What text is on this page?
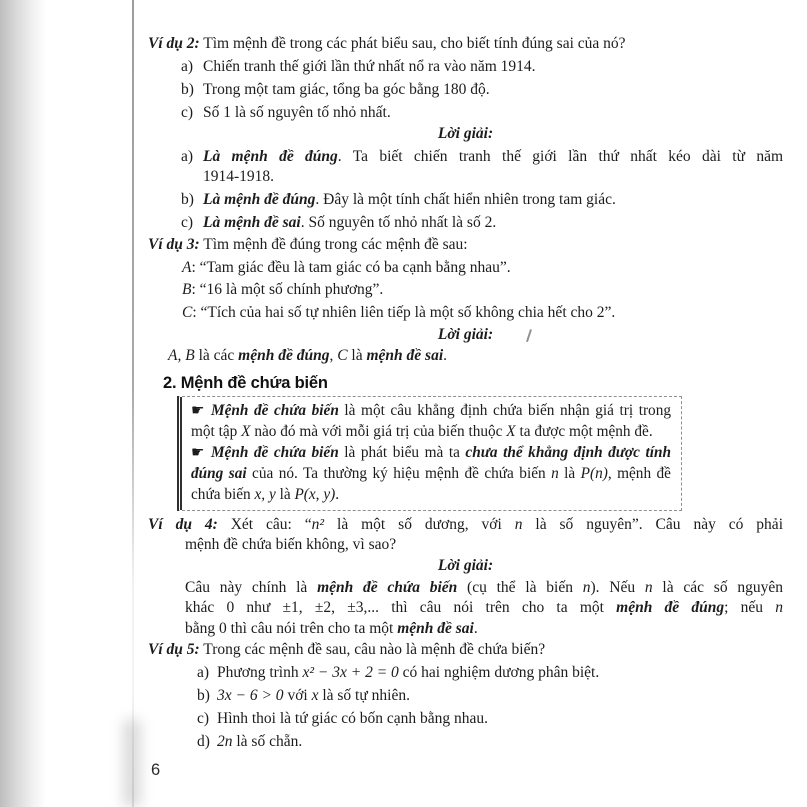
Ví dụ 2: Tìm mệnh đề trong các phát biểu sau, cho biết tính đúng sai của nó?

a) Chiến tranh thế giới lần thứ nhất nổ ra vào năm 1914.
b) Trong một tam giác, tổng ba góc bằng 180 độ.
c) Số 1 là số nguyên tố nhỏ nhất.

Lời giải:

a) Là mệnh đề đúng. Ta biết chiến tranh thế giới lần thứ nhất kéo dài từ năm
1914-1918.
b) Là mệnh đề đúng. Đây là một tính chất hiển nhiên trong tam giác.
c) Là mệnh đề sai. Số nguyên tố nhỏ nhất là số 2.

Ví dụ 3: Tìm mệnh đề đúng trong các mệnh đề sau:

A: “Tam giác đều là tam giác có ba cạnh bằng nhau”.
B: “16 là một số chính phương”.
C: “Tích của hai số tự nhiên liên tiếp là một số không chia hết cho 2”.

Lời giải:

A, B là các mệnh đề đúng, C là mệnh đề sai.

2. Mệnh đề chứa biến

☛ Mệnh đề chứa biến là một câu khẳng định chứa biến nhận giá trị trong
một tập X nào đó mà với mỗi giá trị của biến thuộc X ta được một mệnh đề.

☛ Mệnh đề chứa biến là phát biểu mà ta chưa thể khẳng định được tính
đúng sai của nó. Ta thường ký hiệu mệnh đề chứa biến n là P(n), mệnh đề
chứa biến x, y là P(x, y).

Ví dụ 4: Xét câu: “n² là một số dương, với n là số nguyên”. Câu này có phải

mệnh đề chứa biến không, vì sao?

Lời giải:

Câu này chính là mệnh đề chứa biến (cụ thể là biến n). Nếu n là các số nguyên
khác 0 như ±1, ±2, ±3,... thì câu nói trên cho ta một mệnh đề đúng; nếu n
bằng 0 thì câu nói trên cho ta một mệnh đề sai.

Ví dụ 5: Trong các mệnh đề sau, câu nào là mệnh đề chứa biến?

a) Phương trình x² − 3x + 2 = 0 có hai nghiệm dương phân biệt.
b) 3x − 6 > 0 với x là số tự nhiên.
c) Hình thoi là tứ giác có bốn cạnh bằng nhau.
d) 2n là số chẵn.
6
